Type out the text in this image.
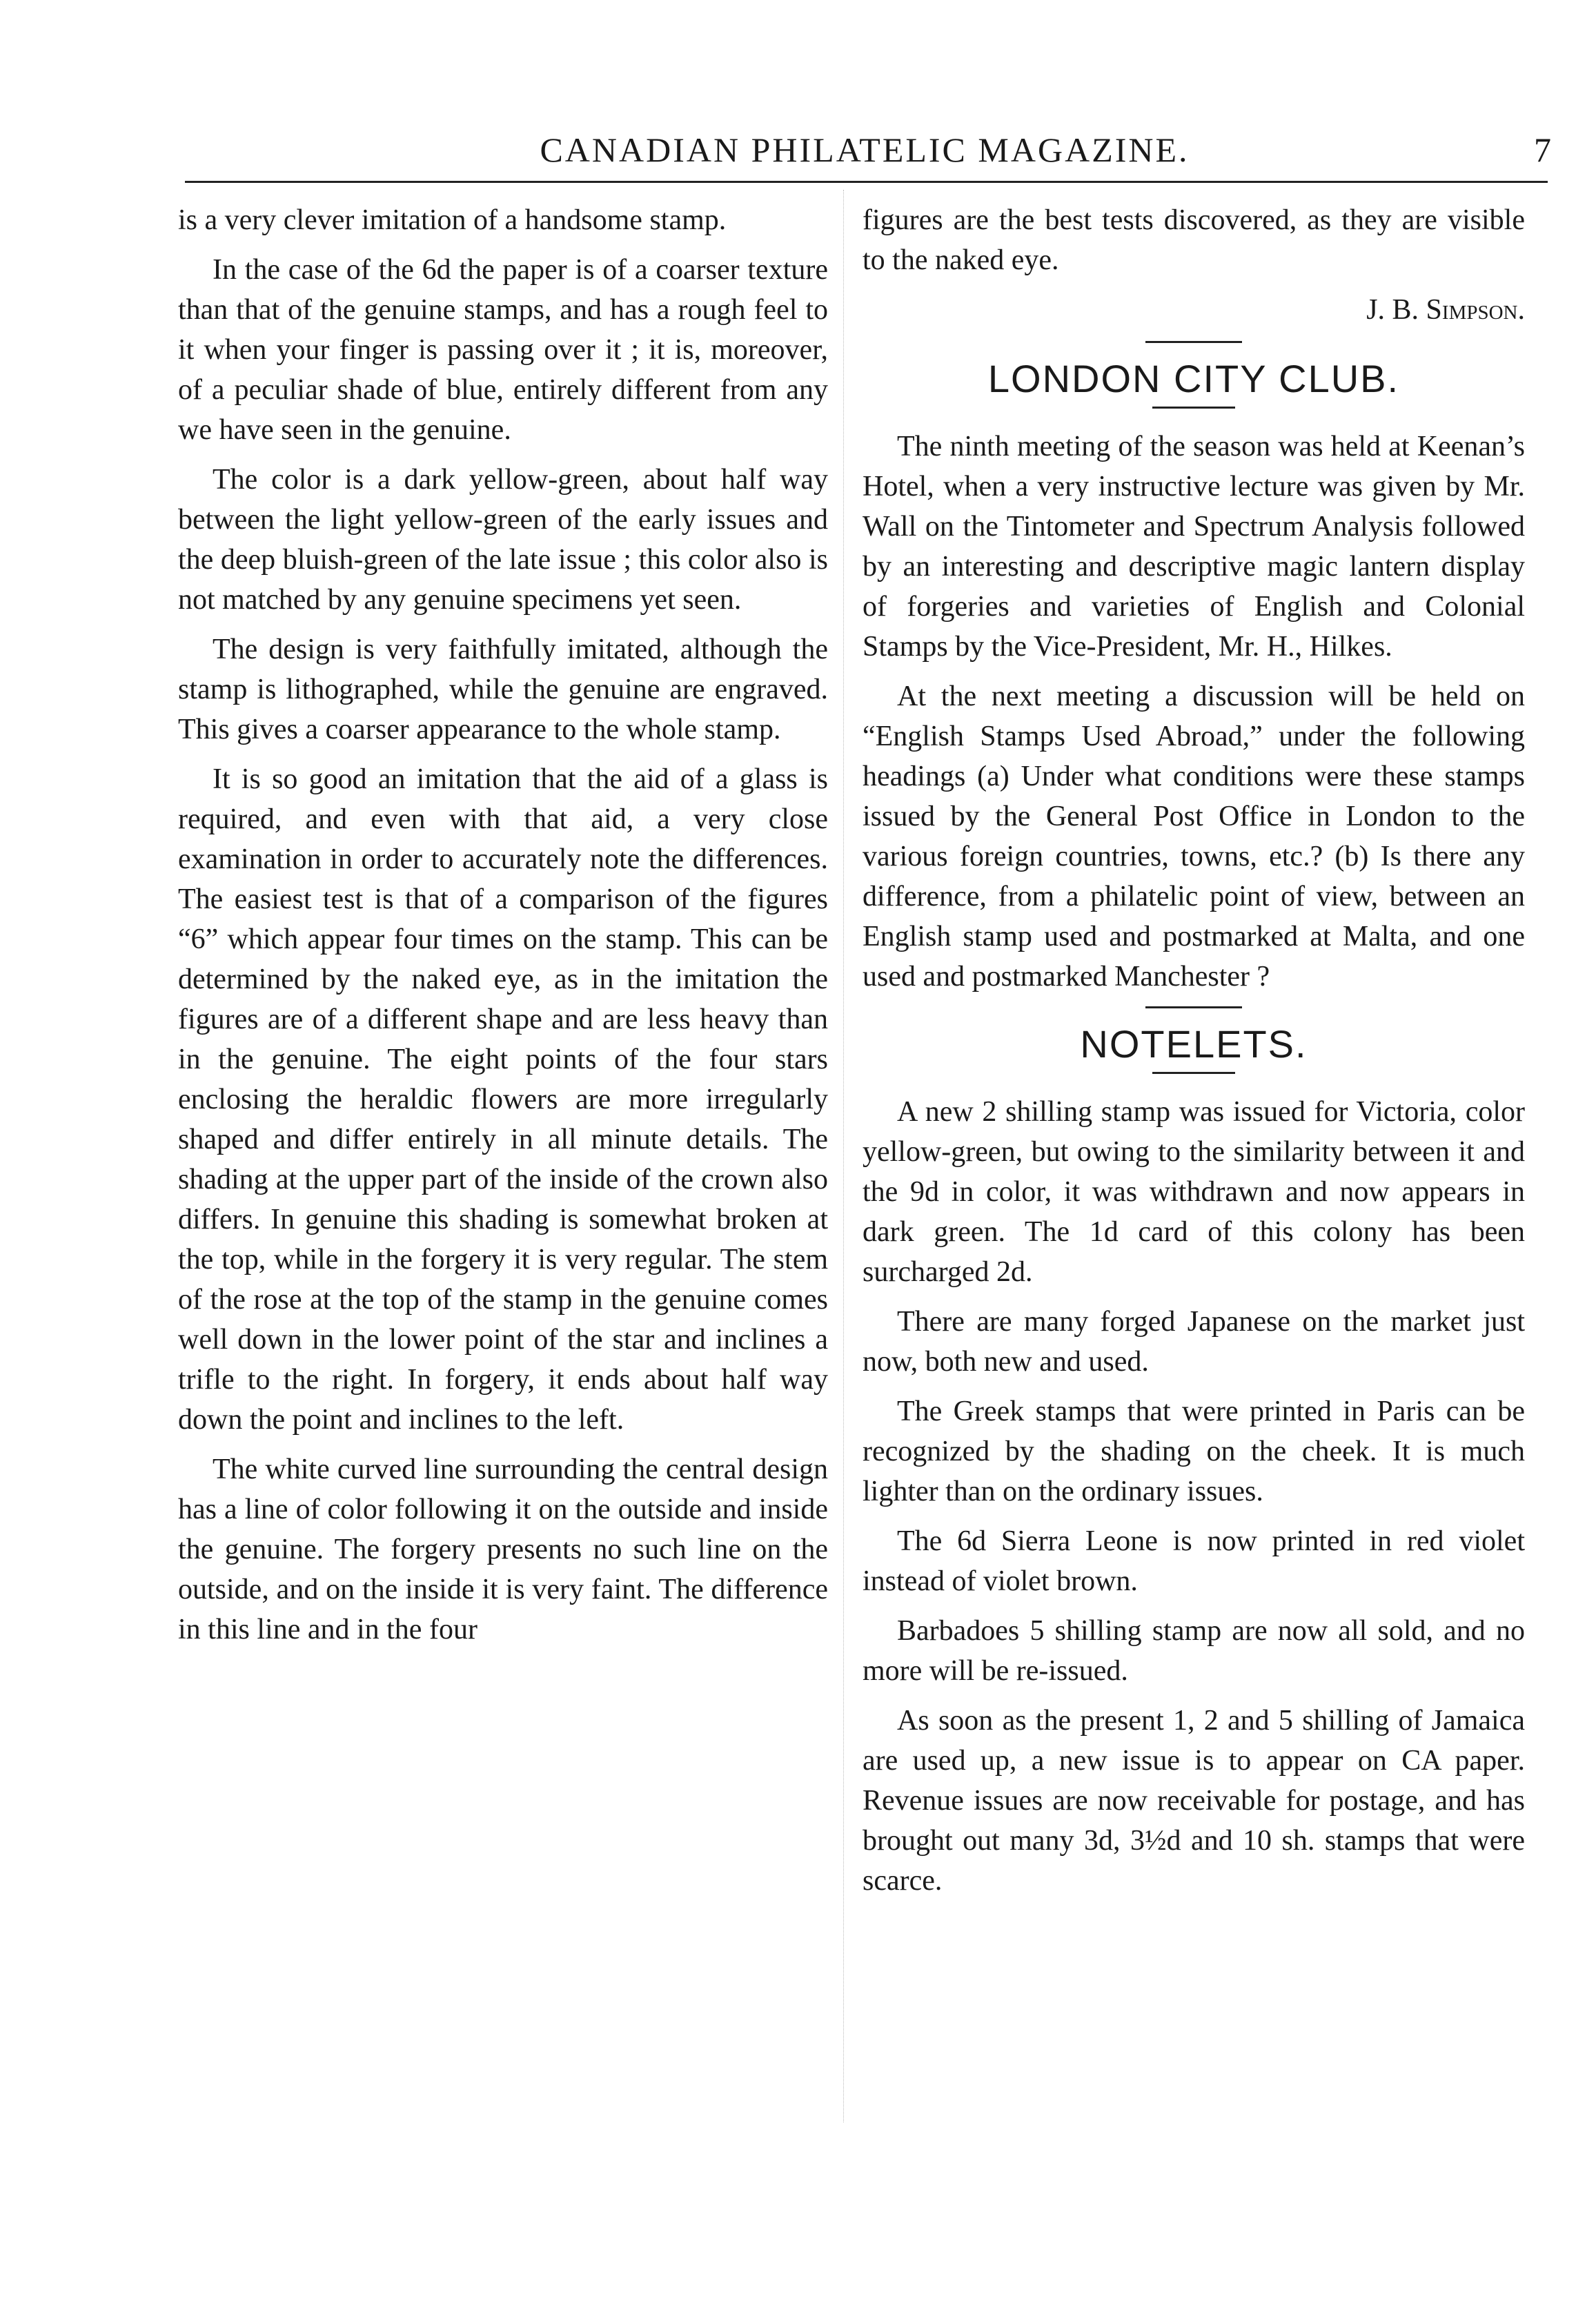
CANADIAN PHILATELIC MAGAZINE.	7

is a very clever imitation of a handsome stamp.

In the case of the 6d the paper is of a coarser texture than that of the genuine stamps, and has a rough feel to it when your finger is passing over it ; it is, moreover, of a peculiar shade of blue, entirely different from any we have seen in the genuine.

The color is a dark yellow-green, about half way between the light yellow-green of the early issues and the deep bluish-green of the late issue ; this color also is not matched by any genuine specimens yet seen.

The design is very faithfully imitated, although the stamp is lithographed, while the genuine are engraved. This gives a coarser appearance to the whole stamp.

It is so good an imitation that the aid of a glass is required, and even with that aid, a very close examination in order to accurately note the differences. The easiest test is that of a comparison of the figures “6” which appear four times on the stamp. This can be determined by the naked eye, as in the imitation the figures are of a different shape and are less heavy than in the genuine. The eight points of the four stars enclosing the heraldic flowers are more irregularly shaped and differ entirely in all minute details. The shading at the upper part of the inside of the crown also differs. In genuine this shading is somewhat broken at the top, while in the forgery it is very regular. The stem of the rose at the top of the stamp in the genuine comes well down in the lower point of the star and inclines a trifle to the right. In forgery, it ends about half way down the point and inclines to the left.

The white curved line surrounding the central design has a line of color following it on the outside and inside the genuine. The forgery presents no such line on the outside, and on the inside it is very faint. The difference in this line and in the four

figures are the best tests discovered, as they are visible to the naked eye.

J. B. Simpson.
LONDON CITY CLUB.

The ninth meeting of the season was held at Keenan’s Hotel, when a very instructive lecture was given by Mr. Wall on the Tintometer and Spectrum Analysis followed by an interesting and descriptive magic lantern display of forgeries and varieties of English and Colonial Stamps by the Vice-President, Mr. H., Hilkes.

At the next meeting a discussion will be held on “English Stamps Used Abroad,” under the following headings (a) Under what conditions were these stamps issued by the General Post Office in London to the various foreign countries, towns, etc.? (b) Is there any difference, from a philatelic point of view, between an English stamp used and postmarked at Malta, and one used and postmarked Manchester ?

NOTELETS.

A new 2 shilling stamp was issued for Victoria, color yellow-green, but owing to the similarity between it and the 9d in color, it was withdrawn and now appears in dark green. The 1d card of this colony has been surcharged 2d.

There are many forged Japanese on the market just now, both new and used.

The Greek stamps that were printed in Paris can be recognized by the shading on the cheek. It is much lighter than on the ordinary issues.

The 6d Sierra Leone is now printed in red violet instead of violet brown.

Barbadoes 5 shilling stamp are now all sold, and no more will be re-issued.

As soon as the present 1, 2 and 5 shilling of Jamaica are used up, a new issue is to appear on CA paper. Revenue issues are now receivable for postage, and has brought out many 3d, 3½d and 10 sh. stamps that were scarce.
